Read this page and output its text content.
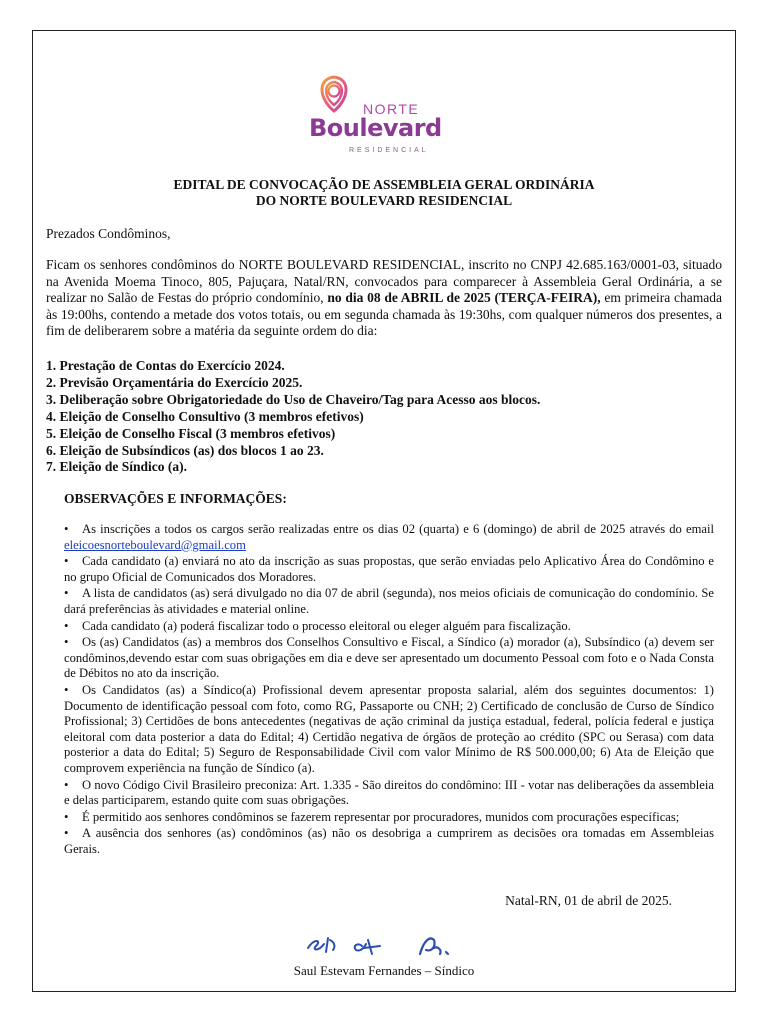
NORTE
Boulevard
RESIDENCIAL
EDITAL DE CONVOCAÇÃO DE ASSEMBLEIA GERAL ORDINÁRIA
DO NORTE BOULEVARD RESIDENCIAL
Prezados Condôminos,
Ficam os senhores condôminos do NORTE BOULEVARD RESIDENCIAL, inscrito no CNPJ 42.685.163/0001-03, situado na Avenida Moema Tinoco, 805, Pajuçara, Natal/RN, convocados para comparecer à Assembleia Geral Ordinária, a se realizar no Salão de Festas do próprio condomínio, no dia 08 de ABRIL de 2025 (TERÇA-FEIRA), em primeira chamada às 19:00hs, contendo a metade dos votos totais, ou em segunda chamada às 19:30hs, com qualquer números dos presentes, a fim de deliberarem sobre a matéria da seguinte ordem do dia:
1. Prestação de Contas do Exercício 2024.
2. Previsão Orçamentária do Exercício 2025.
3. Deliberação sobre Obrigatoriedade do Uso de Chaveiro/Tag para Acesso aos blocos.
4. Eleição de Conselho Consultivo (3 membros efetivos)
5. Eleição de Conselho Fiscal (3 membros efetivos)
6. Eleição de Subsíndicos (as) dos blocos 1 ao 23.
7. Eleição de Síndico (a).
OBSERVAÇÕES E INFORMAÇÕES:
• As inscrições a todos os cargos serão realizadas entre os dias 02 (quarta) e 6 (domingo) de abril de 2025 através do email eleicoesnorteboulevard@gmail.com
• Cada candidato (a) enviará no ato da inscrição as suas propostas, que serão enviadas pelo Aplicativo Área do Condômino e no grupo Oficial de Comunicados dos Moradores.
• A lista de candidatos (as) será divulgado no dia 07 de abril (segunda), nos meios oficiais de comunicação do condomínio. Se dará preferências às atividades e material online.
• Cada candidato (a) poderá fiscalizar todo o processo eleitoral ou eleger alguém para fiscalização.
• Os (as) Candidatos (as) a membros dos Conselhos Consultivo e Fiscal, a Síndico (a) morador (a), Subsíndico (a) devem ser condôminos,devendo estar com suas obrigações em dia e deve ser apresentado um documento Pessoal com foto e o Nada Consta de Débitos no ato da inscrição.
• Os Candidatos (as) a Síndico(a) Profissional devem apresentar proposta salarial, além dos seguintes documentos: 1) Documento de identificação pessoal com foto, como RG, Passaporte ou CNH; 2) Certificado de conclusão de Curso de Síndico Profissional; 3) Certidões de bons antecedentes (negativas de ação criminal da justiça estadual, federal, polícia federal e justiça eleitoral com data posterior a data do Edital; 4) Certidão negativa de órgãos de proteção ao crédito (SPC ou Serasa) com data posterior a data do Edital; 5) Seguro de Responsabilidade Civil com valor Mínimo de R$ 500.000,00; 6) Ata de Eleição que comprovem experiência na função de Síndico (a).
• O novo Código Civil Brasileiro preconiza: Art. 1.335 - São direitos do condômino: III - votar nas deliberações da assembleia e delas participarem, estando quite com suas obrigações.
• É permitido aos senhores condôminos se fazerem representar por procuradores, munidos com procurações específicas;
• A ausência dos senhores (as) condôminos (as) não os desobriga a cumprirem as decisões ora tomadas em Assembleias Gerais.
Natal-RN, 01 de abril de 2025.
Saul Estevam Fernandes – Síndico
